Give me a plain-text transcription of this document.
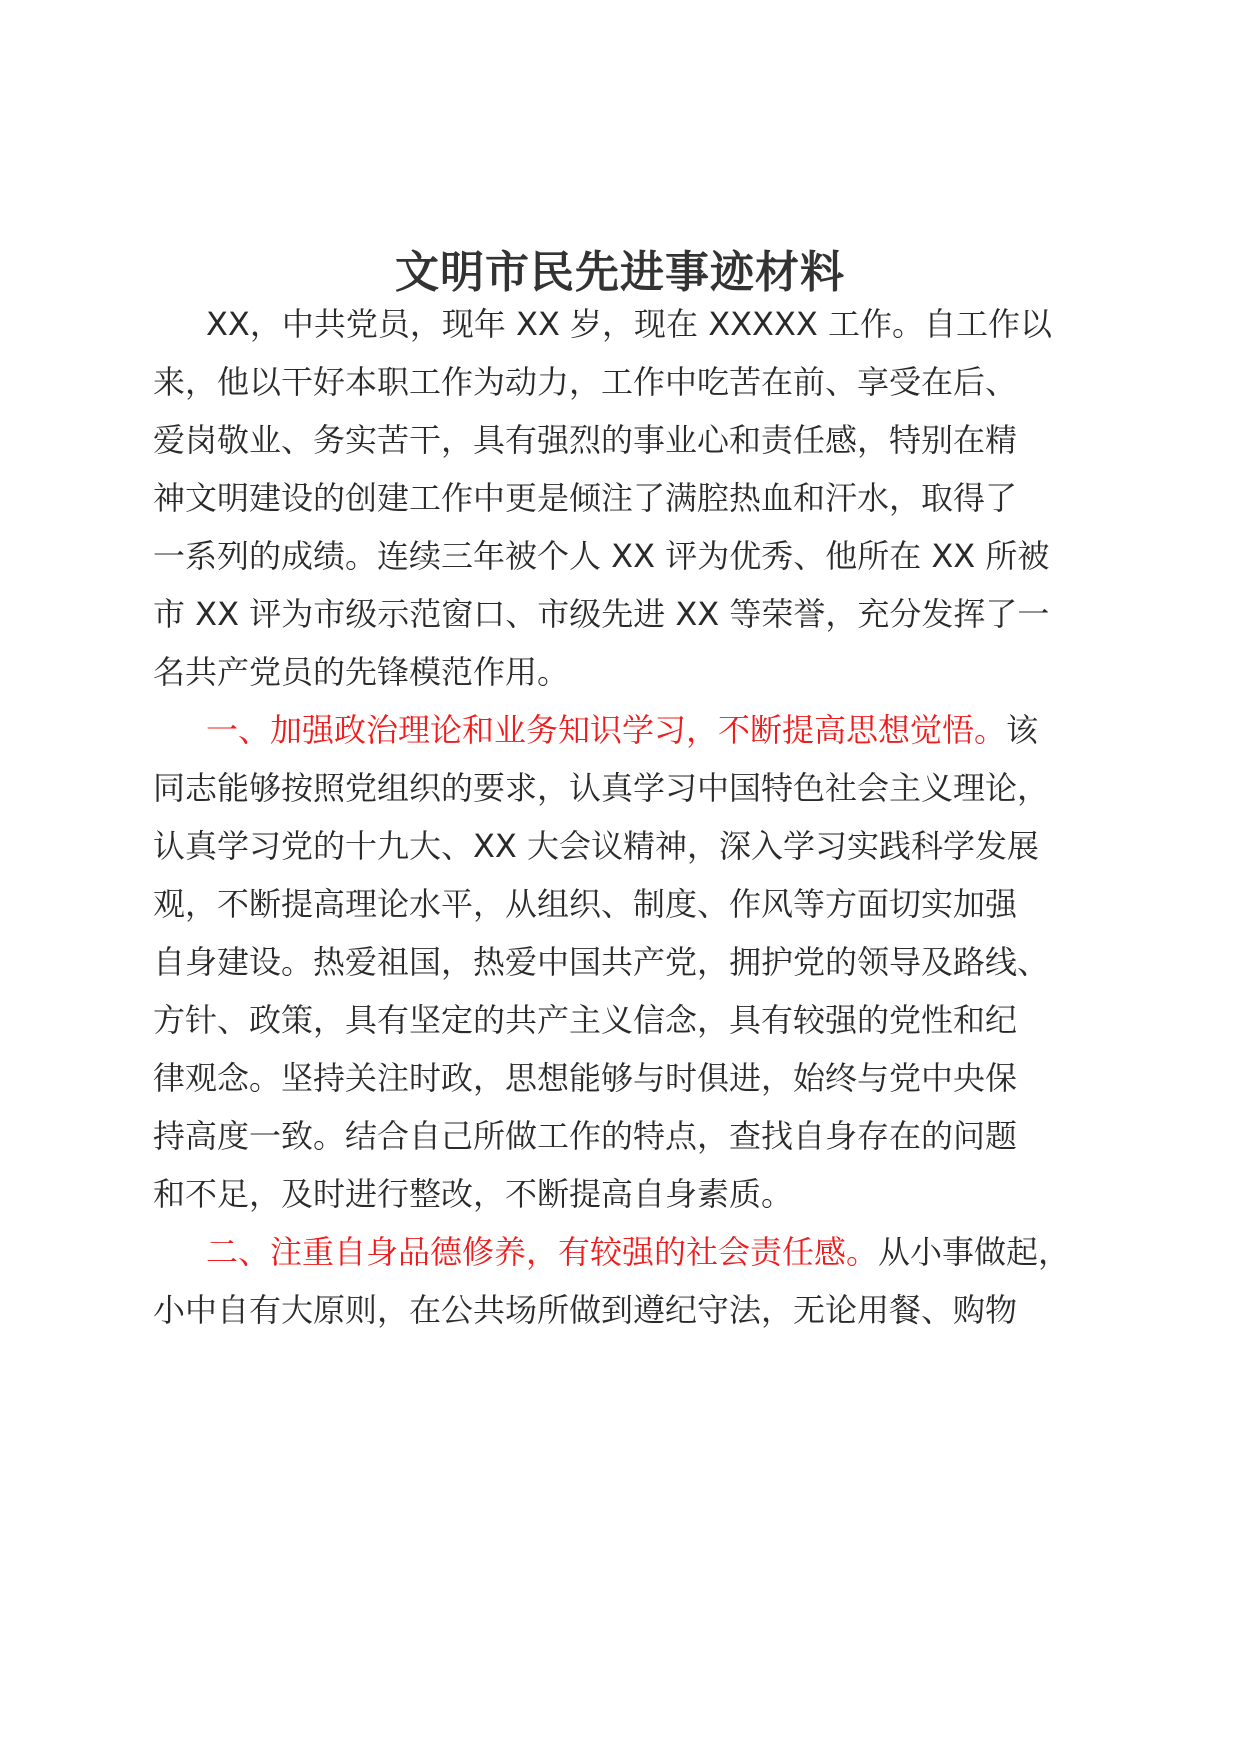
文明市民先进事迹材料
XX，中共党员，现年 XX 岁，现在 XXXXX 工作。自工作以
来，他以干好本职工作为动力，工作中吃苦在前、享受在后、
爱岗敬业、务实苦干，具有强烈的事业心和责任感，特别在精
神文明建设的创建工作中更是倾注了满腔热血和汗水，取得了
一系列的成绩。连续三年被个人 XX 评为优秀、他所在 XX 所被
市 XX 评为市级示范窗口、市级先进 XX 等荣誉，充分发挥了一
名共产党员的先锋模范作用。
一、加强政治理论和业务知识学习，不断提高思想觉悟。该
同志能够按照党组织的要求，认真学习中国特色社会主义理论，
认真学习党的十九大、XX 大会议精神，深入学习实践科学发展
观，不断提高理论水平，从组织、制度、作风等方面切实加强
自身建设。热爱祖国，热爱中国共产党，拥护党的领导及路线、
方针、政策，具有坚定的共产主义信念，具有较强的党性和纪
律观念。坚持关注时政，思想能够与时俱进，始终与党中央保
持高度一致。结合自己所做工作的特点，查找自身存在的问题
和不足，及时进行整改，不断提高自身素质。
二、注重自身品德修养，有较强的社会责任感。从小事做起，
小中自有大原则，在公共场所做到遵纪守法，无论用餐、购物
